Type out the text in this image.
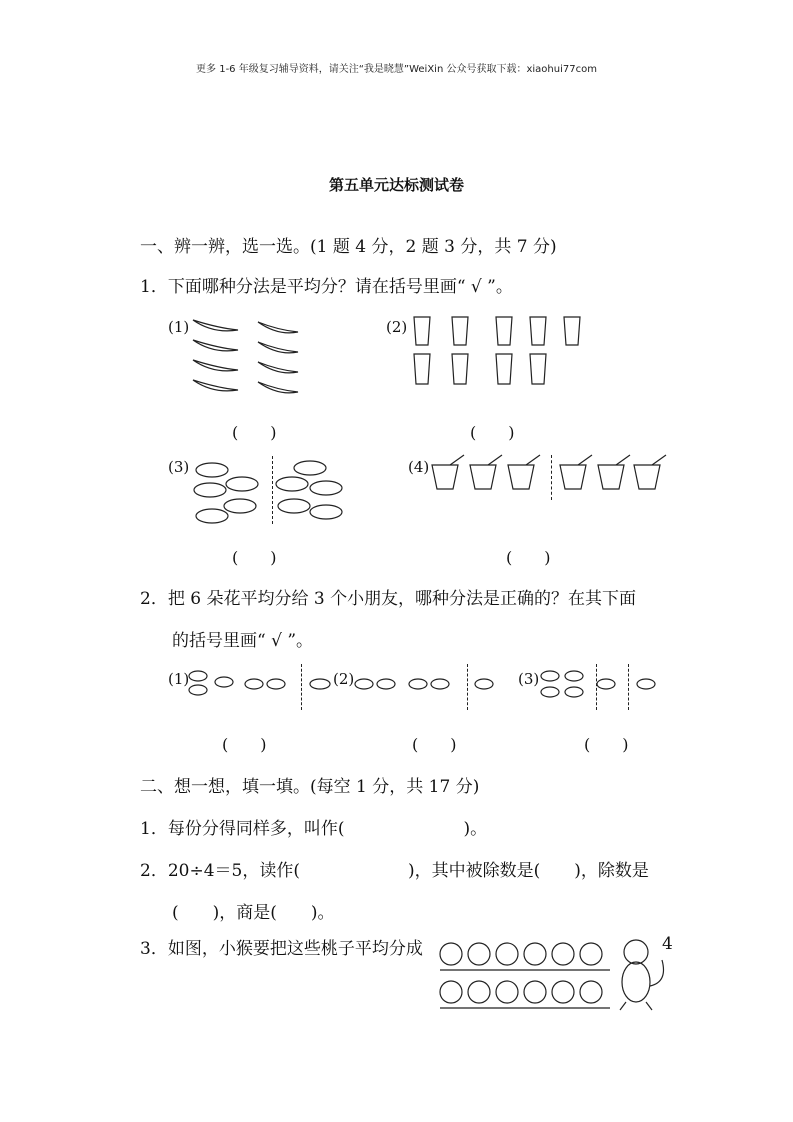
更多 1-6 年级复习辅导资料，请关注“我是晓慧”WeiXin 公众号获取下载：xiaohui77com
第五单元达标测试卷
一、辨一辨，选一选。(1 题 4 分，2 题 3 分，共 7 分)
1．下面哪种分法是平均分？请在括号里画“ √ ”。
(1)
(　　)
(2)
(　　)
(3)
(　　)
(4)
(　　)
2．把 6 朵花平均分给 3 个小朋友，哪种分法是正确的？在其下面
的括号里画“ √ ”。
(1)	(2)	(3)
(　　)	(　　)	(　　)
二、想一想，填一填。(每空 1 分，共 17 分)
1．每份分得同样多，叫作(　　　　　　　)。
2．20÷4＝5，读作(	)，其中被除数是(　　)，除数是
(　　)，商是(　　)。
3．如图，小猴要把这些桃子平均分成	4
